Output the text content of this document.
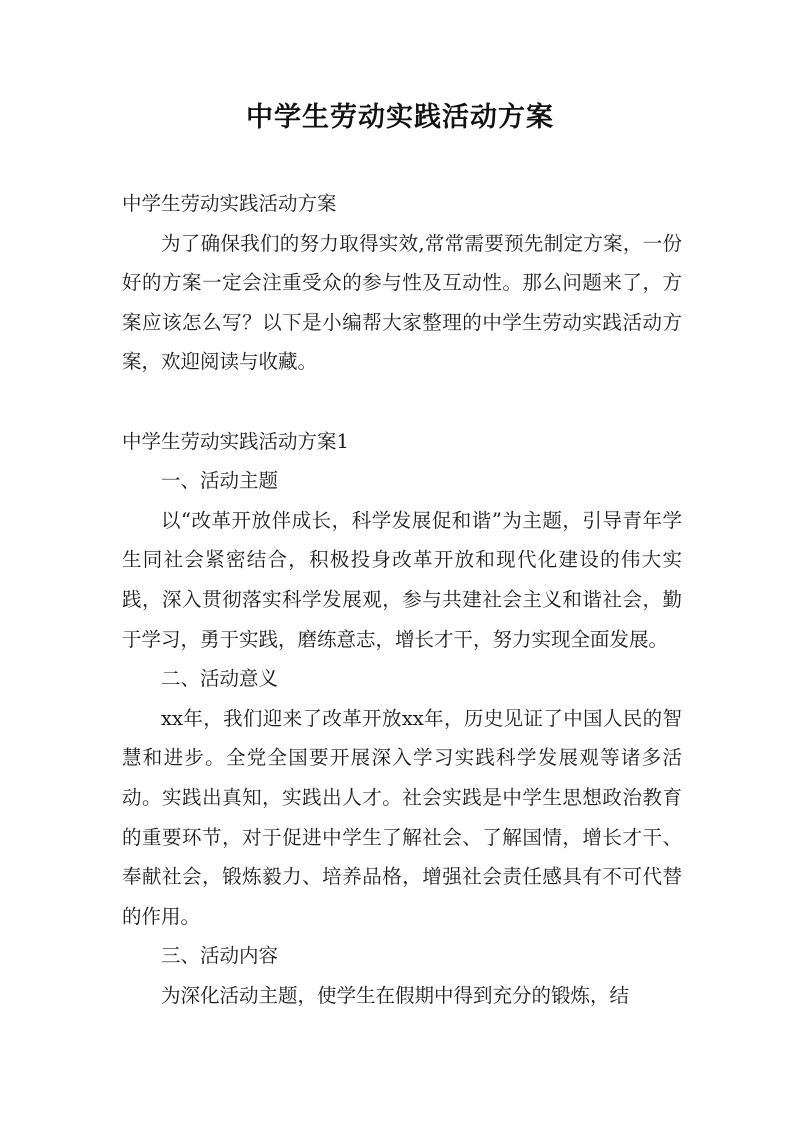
中学生劳动实践活动方案

中学生劳动实践活动方案

为了确保我们的努力取得实效,常常需要预先制定方案，一份好的方案一定会注重受众的参与性及互动性。那么问题来了，方案应该怎么写？以下是小编帮大家整理的中学生劳动实践活动方案，欢迎阅读与收藏。

中学生劳动实践活动方案1

一、活动主题

以“改革开放伴成长，科学发展促和谐”为主题，引导青年学生同社会紧密结合，积极投身改革开放和现代化建设的伟大实践，深入贯彻落实科学发展观，参与共建社会主义和谐社会，勤于学习，勇于实践，磨练意志，增长才干，努力实现全面发展。

二、活动意义

xx年，我们迎来了改革开放xx年，历史见证了中国人民的智慧和进步。全党全国要开展深入学习实践科学发展观等诸多活动。实践出真知，实践出人才。社会实践是中学生思想政治教育的重要环节，对于促进中学生了解社会、了解国情，增长才干、奉献社会，锻炼毅力、培养品格，增强社会责任感具有不可代替的作用。

三、活动内容

为深化活动主题，使学生在假期中得到充分的锻炼，结
